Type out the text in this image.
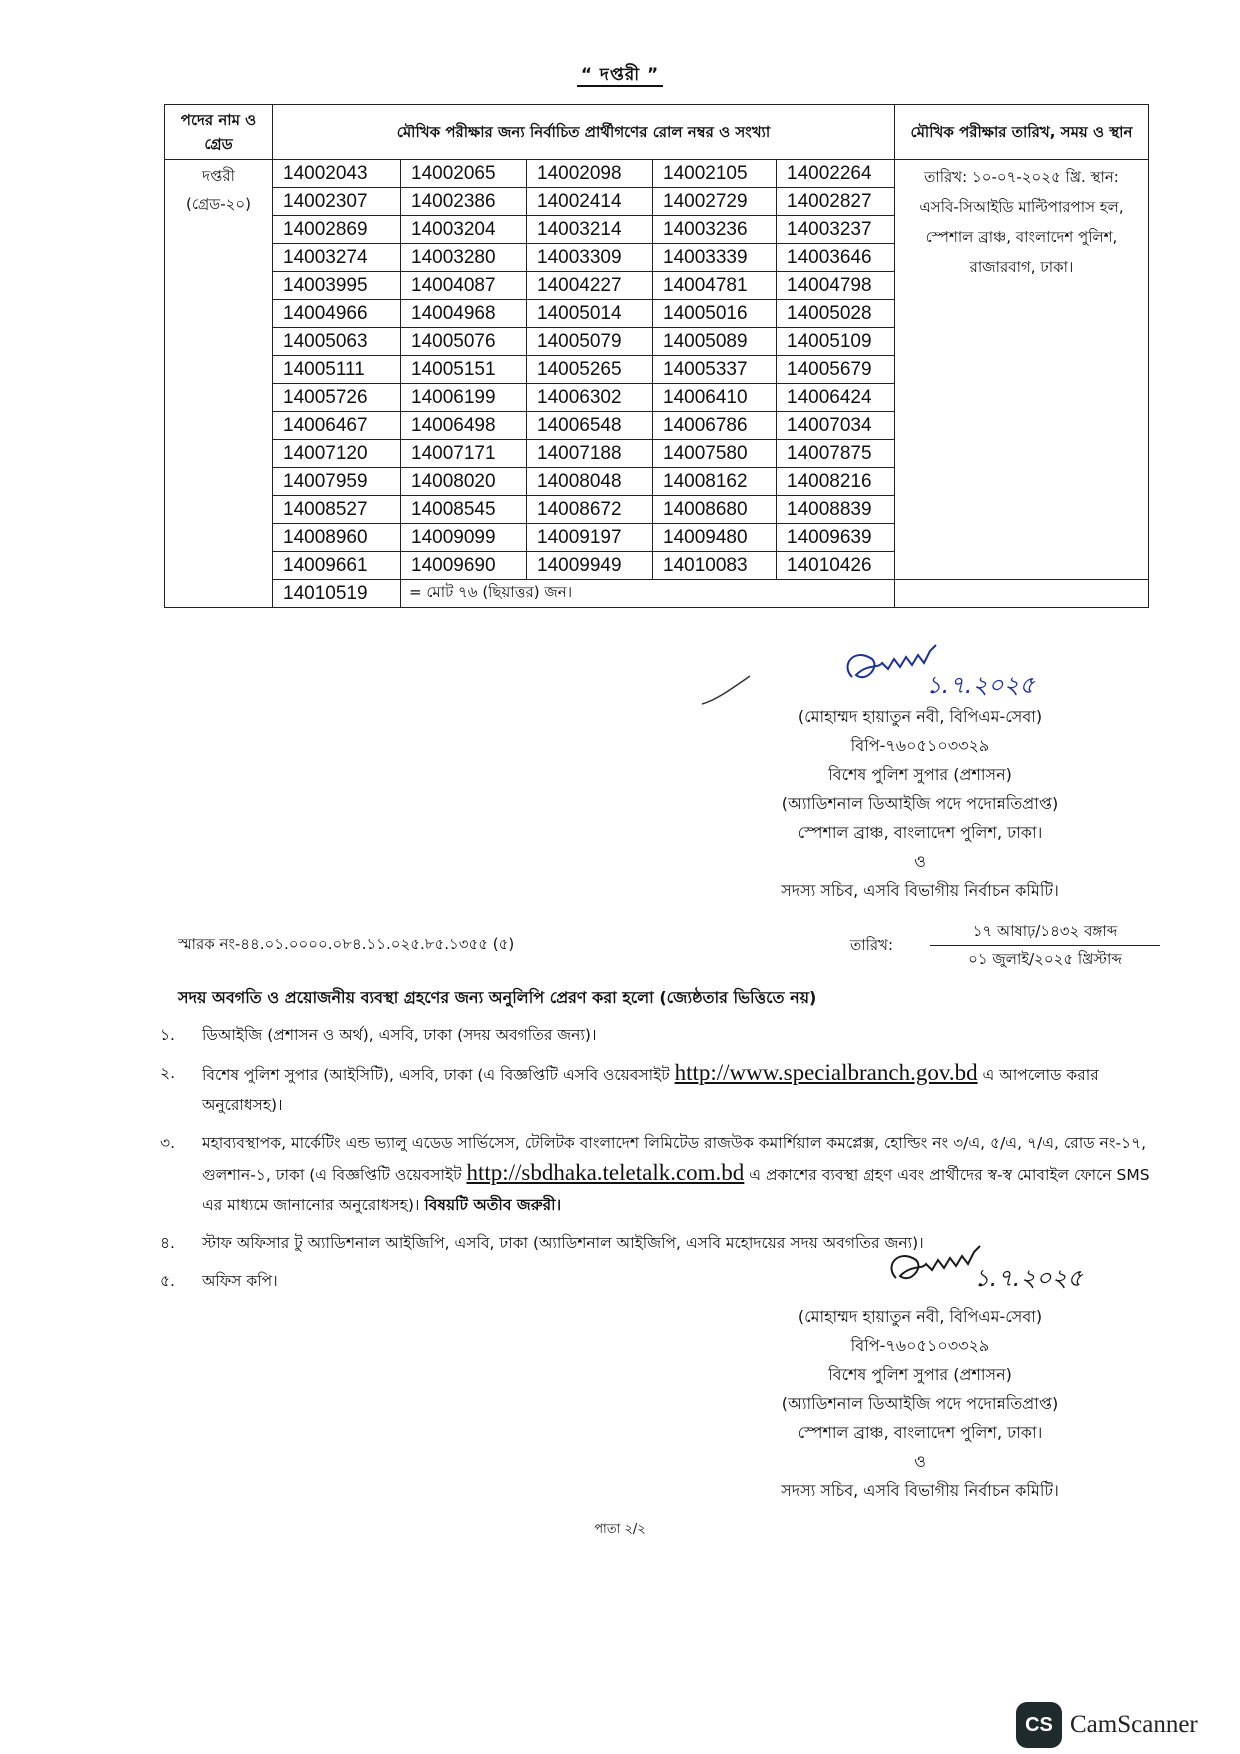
“ দপ্তরী ”
পদের নাম ও গ্রেড	মৌখিক পরীক্ষার জন্য নির্বাচিত প্রার্থীগণের রোল নম্বর ও সংখ্যা					মৌখিক পরীক্ষার তারিখ, সময় ও স্থান

দপ্তরী
(গ্রেড-২০)	14002043	14002065	14002098	14002105	14002264	তারিখ: ১০-০৭-২০২৫ খ্রি. স্থান: এসবি-সিআইডি মাল্টিপারপাস হল, স্পেশাল ব্রাঞ্চ, বাংলাদেশ পুলিশ, রাজারবাগ, ঢাকা।
	14002307	14002386	14002414	14002729	14002827	
	14002869	14003204	14003214	14003236	14003237	
	14003274	14003280	14003309	14003339	14003646	
	14003995	14004087	14004227	14004781	14004798	
	14004966	14004968	14005014	14005016	14005028	
	14005063	14005076	14005079	14005089	14005109	
	14005111	14005151	14005265	14005337	14005679	
	14005726	14006199	14006302	14006410	14006424	
	14006467	14006498	14006548	14006786	14007034	
	14007120	14007171	14007188	14007580	14007875	
	14007959	14008020	14008048	14008162	14008216	
	14008527	14008545	14008672	14008680	14008839	
	14008960	14009099	14009197	14009480	14009639	
	14009661	14009690	14009949	14010083	14010426	
	14010519	= মোট ৭৬ (ছিয়াত্তর) জন।				
১.৭.২০২৫
(মোহাম্মদ হায়াতুন নবী, বিপিএম-সেবা)
বিপি-৭৬০৫১০৩৩২৯
বিশেষ পুলিশ সুপার (প্রশাসন)
(অ্যাডিশনাল ডিআইজি পদে পদোন্নতিপ্রাপ্ত)
স্পেশাল ব্রাঞ্চ, বাংলাদেশ পুলিশ, ঢাকা।
ও
সদস্য সচিব, এসবি বিভাগীয় নির্বাচন কমিটি।
স্মারক নং-৪৪.০১.০০০০.০৮৪.১১.০২৫.৮৫.১৩৫৫ (৫)	তারিখ:
১৭ আষাঢ়/১৪৩২ বঙ্গাব্দ
০১ জুলাই/২০২৫ খ্রিস্টাব্দ
সদয় অবগতি ও প্রয়োজনীয় ব্যবস্থা গ্রহণের জন্য অনুলিপি প্রেরণ করা হলো (জ্যেষ্ঠতার ভিত্তিতে নয়)
১. ডিআইজি (প্রশাসন ও অর্থ), এসবি, ঢাকা (সদয় অবগতির জন্য)।
২. বিশেষ পুলিশ সুপার (আইসিটি), এসবি, ঢাকা (এ বিজ্ঞপ্তিটি এসবি ওয়েবসাইট http://www.specialbranch.gov.bd এ আপলোড করার অনুরোধসহ)।
৩. মহাব্যবস্থাপক, মার্কেটিং এন্ড ভ্যালু এডেড সার্ভিসেস, টেলিটক বাংলাদেশ লিমিটেড রাজউক কমার্শিয়াল কমপ্লেক্স, হোল্ডিং নং ৩/এ, ৫/এ, ৭/এ, রোড নং-১৭, গুলশান-১, ঢাকা (এ বিজ্ঞপ্তিটি ওয়েবসাইট http://sbdhaka.teletalk.com.bd এ প্রকাশের ব্যবস্থা গ্রহণ এবং প্রার্থীদের স্ব-স্ব মোবাইল ফোনে SMS এর মাধ্যমে জানানোর অনুরোধসহ)। বিষয়টি অতীব জরুরী।
৪. স্টাফ অফিসার টু অ্যাডিশনাল আইজিপি, এসবি, ঢাকা (অ্যাডিশনাল আইজিপি, এসবি মহোদয়ের সদয় অবগতির জন্য)।
৫. অফিস কপি।	১.৭.২০২৫
(মোহাম্মদ হায়াতুন নবী, বিপিএম-সেবা)
বিপি-৭৬০৫১০৩৩২৯
বিশেষ পুলিশ সুপার (প্রশাসন)
(অ্যাডিশনাল ডিআইজি পদে পদোন্নতিপ্রাপ্ত)
স্পেশাল ব্রাঞ্চ, বাংলাদেশ পুলিশ, ঢাকা।
ও
সদস্য সচিব, এসবি বিভাগীয় নির্বাচন কমিটি।
পাতা ২/২
CS CamScanner
